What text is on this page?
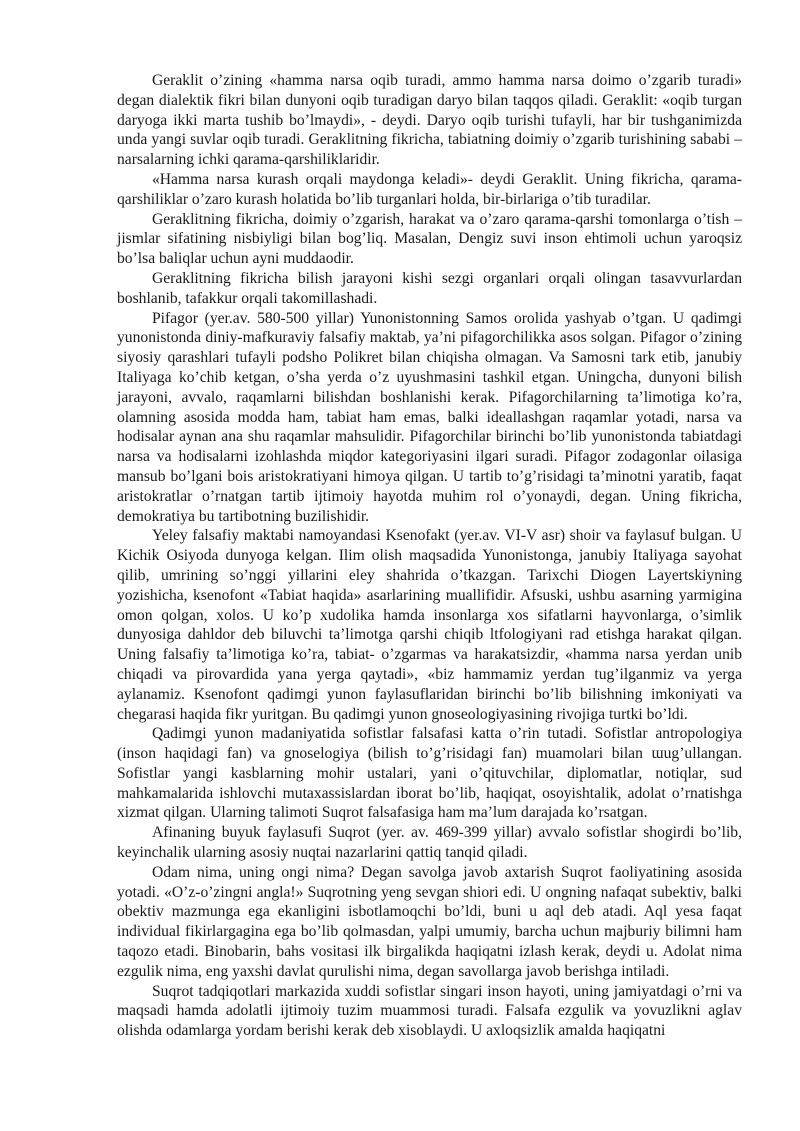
Geraklit o’zining «hamma narsa oqib turadi, ammo hamma narsa doimo o’zgarib turadi» degan dialektik fikri bilan dunyoni oqib turadigan daryo bilan taqqos qiladi. Geraklit: «oqib turgan daryoga ikki marta tushib bo’lmaydi», - deydi. Daryo oqib turishi tufayli, har bir tushganimizda unda yangi suvlar oqib turadi. Geraklitning fikricha, tabiatning doimiy o’zgarib turishining sababi – narsalarning ichki qarama-qarshiliklaridir.

«Hamma narsa kurash orqali maydonga keladi»- deydi Geraklit. Uning fikricha, qarama-qarshiliklar o’zaro kurash holatida bo’lib turganlari holda, bir-birlariga o’tib turadilar.

Geraklitning fikricha, doimiy o’zgarish, harakat va o’zaro qarama-qarshi tomonlarga o’tish – jismlar sifatining nisbiyligi bilan bog’liq. Masalan, Dengiz suvi inson ehtimoli uchun yaroqsiz bo’lsa baliqlar uchun ayni muddaodir.

Geraklitning fikricha bilish jarayoni kishi sezgi organlari orqali olingan tasavvurlardan boshlanib, tafakkur orqali takomillashadi.

Pifagor (yer.av. 580-500 yillar) Yunonistonning Samos orolida yashyab o’tgan. U qadimgi yunonistonda diniy-mafkuraviy falsafiy maktab, ya’ni pifagorchilikka asos solgan. Pifagor o’zining siyosiy qarashlari tufayli podsho Polikret bilan chiqisha olmagan. Va Samosni tark etib, janubiy Italiyaga ko’chib ketgan, o’sha yerda o’z uyushmasini tashkil etgan. Uningcha, dunyoni bilish jarayoni, avvalo, raqamlarni bilishdan boshlanishi kerak. Pifagorchilarning ta’limotiga ko’ra, olamning asosida modda ham, tabiat ham emas, balki ideallashgan raqamlar yotadi, narsa va hodisalar aynan ana shu raqamlar mahsulidir. Pifagorchilar birinchi bo’lib yunonistonda tabiatdagi narsa va hodisalarni izohlashda miqdor kategoriyasini ilgari suradi. Pifagor zodagonlar oilasiga mansub bo’lgani bois aristokratiyani himoya qilgan. U tartib to’g’risidagi ta’minotni yaratib, faqat aristokratlar o’rnatgan tartib ijtimoiy hayotda muhim rol o’yonaydi, degan. Uning fikricha, demokratiya bu tartibotning buzilishidir.

Yeley falsafiy maktabi namoyandasi Ksenofakt (yer.av. VI-V asr) shoir va faylasuf bulgan. U Kichik Osiyoda dunyoga kelgan. Ilim olish maqsadida Yunonistonga, janubiy Italiyaga sayohat qilib, umrining so’nggi yillarini eley shahrida o’tkazgan. Tarixchi Diogen Layertskiyning yozishicha, ksenofont «Tabiat haqida» asarlarining muallifidir. Afsuski, ushbu asarning yarmigina omon qolgan, xolos. U ko’p xudolika hamda insonlarga xos sifatlarni hayvonlarga, o’simlik dunyosiga dahldor deb biluvchi ta’limotga qarshi chiqib ltfologiyani rad etishga harakat qilgan. Uning falsafiy ta’limotiga ko’ra, tabiat- o’zgarmas va harakatsizdir, «hamma narsa yerdan unib chiqadi va pirovardida yana yerga qaytadi», «biz hammamiz yerdan tug’ilganmiz va yerga aylanamiz. Ksenofont qadimgi yunon faylasuflaridan birinchi bo’lib bilishning imkoniyati va chegarasi haqida fikr yuritgan. Bu qadimgi yunon gnoseologiyasining rivojiga turtki bo’ldi.

Qadimgi yunon madaniyatida sofistlar falsafasi katta o’rin tutadi. Sofistlar antropologiya (inson haqidagi fan) va gnoselogiya (bilish to’g’risidagi fan) muamolari bilan ɯug’ullangan. Sofistlar yangi kasblarning mohir ustalari, yani o’qituvchilar, diplomatlar, notiqlar, sud mahkamalarida ishlovchi mutaxassislardan iborat bo’lib, haqiqat, osoyishtalik, adolat o’rnatishga xizmat qilgan. Ularning talimoti Suqrot falsafasiga ham ma’lum darajada ko’rsatgan.

Afinaning buyuk faylasufi Suqrot (yer. av. 469-399 yillar) avvalo sofistlar shogirdi bo’lib, keyinchalik ularning asosiy nuqtai nazarlarini qattiq tanqid qiladi.

Odam nima, uning ongi nima? Degan savolga javob axtarish Suqrot faoliyatining asosida yotadi. «O’z-o’zingni angla!» Suqrotning yeng sevgan shiori edi. U ongning nafaqat subektiv, balki obektiv mazmunga ega ekanligini isbotlamoqchi bo’ldi, buni u aql deb atadi. Aql yesa faqat individual fikirlargagina ega bo’lib qolmasdan, yalpi umumiy, barcha uchun majburiy bilimni ham taqozo etadi. Binobarin, bahs vositasi ilk birgalikda haqiqatni izlash kerak, deydi u. Adolat nima ezgulik nima, eng yaxshi davlat qurulishi nima, degan savollarga javob berishga intiladi.

Suqrot tadqiqotlari markazida xuddi sofistlar singari inson hayoti, uning jamiyatdagi o’rni va maqsadi hamda adolatli ijtimoiy tuzim muammosi turadi. Falsafa ezgulik va yovuzlikni aglav olishda odamlarga yordam berishi kerak deb xisoblaydi. U axloqsizlik amalda haqiqatni
